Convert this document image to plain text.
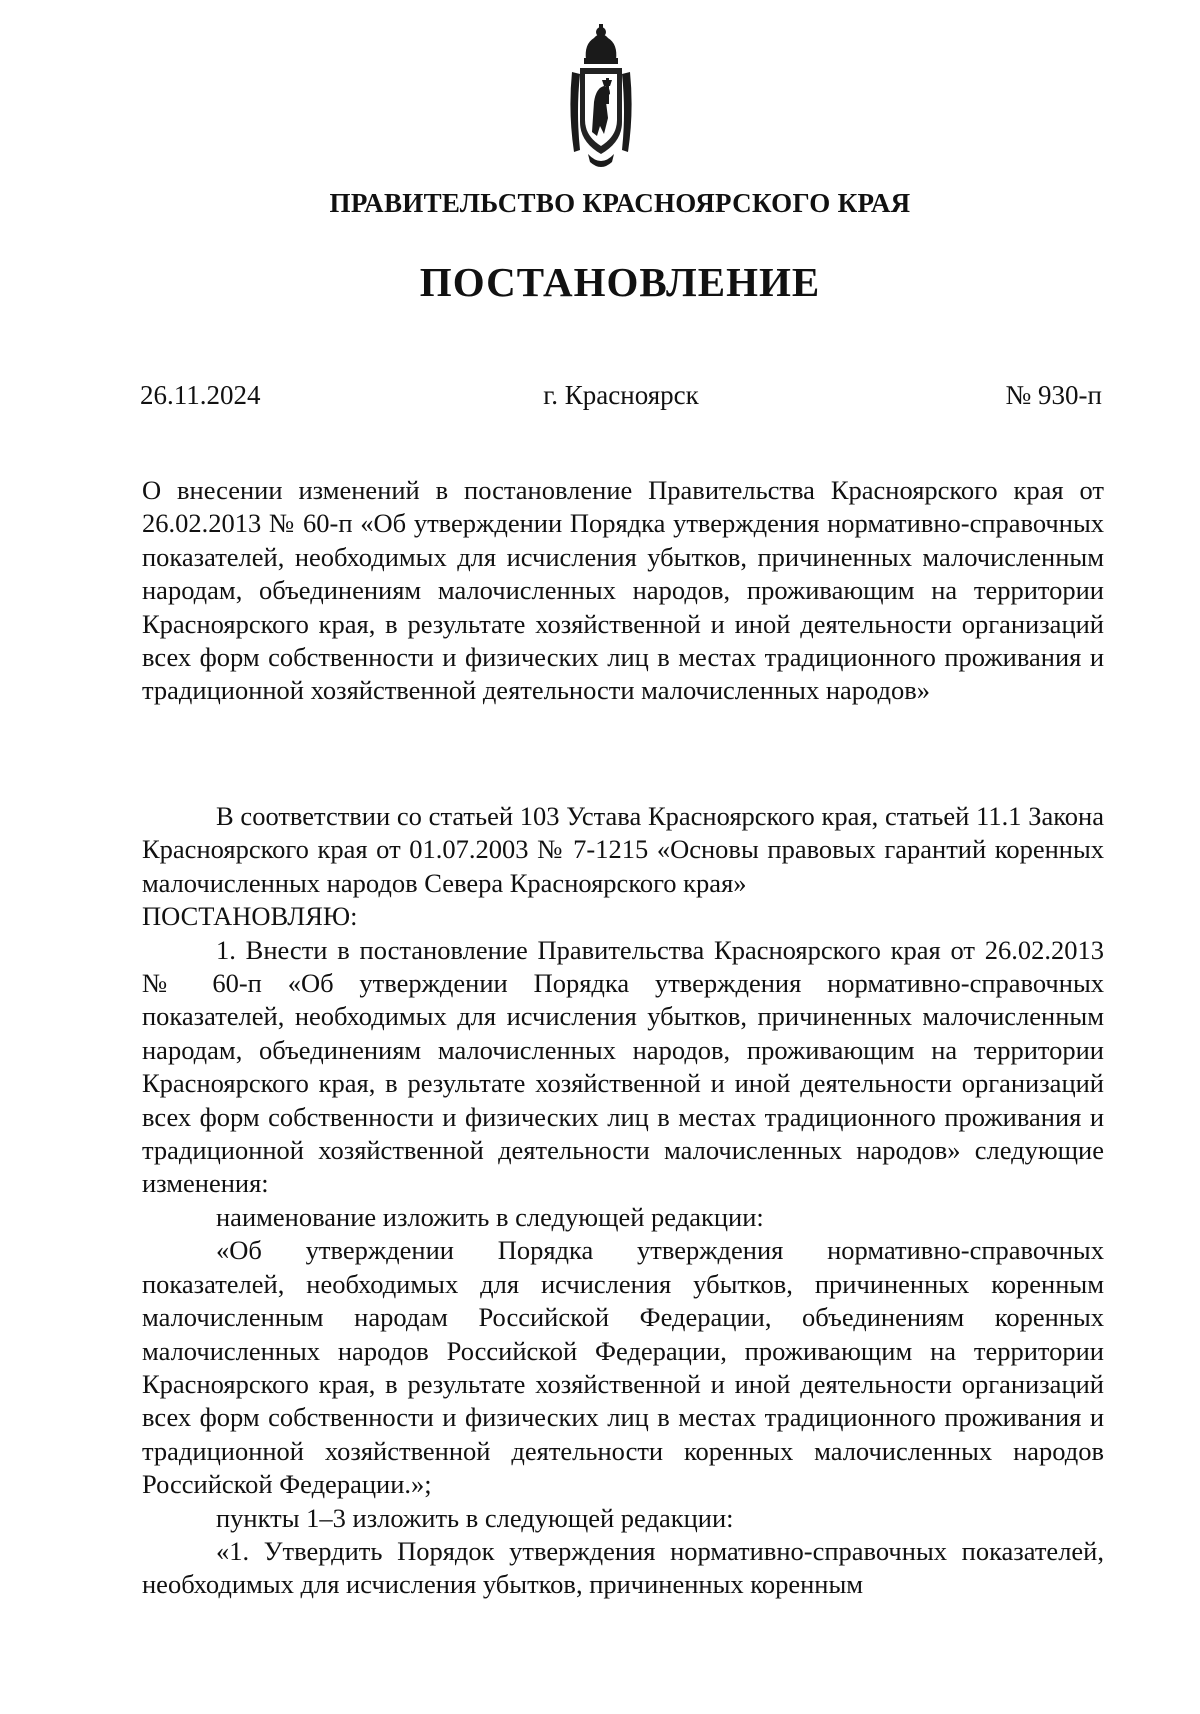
ПРАВИТЕЛЬСТВО КРАСНОЯРСКОГО КРАЯ
ПОСТАНОВЛЕНИЕ
26.11.2024	г. Красноярск	№ 930-п

О внесении изменений в постановление Правительства Красноярского края от 26.02.2013 № 60-п «Об утверждении Порядка утверждения нормативно-справочных показателей, необходимых для исчисления убытков, причиненных малочисленным народам, объединениям малочисленных народов, проживающим на территории Красноярского края, в результате хозяйственной и иной деятельности организаций всех форм собственности и физических лиц в местах традиционного проживания и традиционной хозяйственной деятельности малочисленных народов»

В соответствии со статьей 103 Устава Красноярского края, статьей 11.1 Закона Красноярского края от 01.07.2003 № 7-1215 «Основы правовых гарантий коренных малочисленных народов Севера Красноярского края»

ПОСТАНОВЛЯЮ:

1. Внести в постановление Правительства Красноярского края от 26.02.2013 № 60-п «Об утверждении Порядка утверждения нормативно-справочных показателей, необходимых для исчисления убытков, причиненных малочисленным народам, объединениям малочисленных народов, проживающим на территории Красноярского края, в результате хозяйственной и иной деятельности организаций всех форм собственности и физических лиц в местах традиционного проживания и традиционной хозяйственной деятельности малочисленных народов» следующие изменения:

наименование изложить в следующей редакции:

«Об утверждении Порядка утверждения нормативно-справочных показателей, необходимых для исчисления убытков, причиненных коренным малочисленным народам Российской Федерации, объединениям коренных малочисленных народов Российской Федерации, проживающим на территории Красноярского края, в результате хозяйственной и иной деятельности организаций всех форм собственности и физических лиц в местах традиционного проживания и традиционной хозяйственной деятельности коренных малочисленных народов Российской Федерации.»;

пункты 1–3 изложить в следующей редакции:

«1. Утвердить Порядок утверждения нормативно-справочных показателей, необходимых для исчисления убытков, причиненных коренным
